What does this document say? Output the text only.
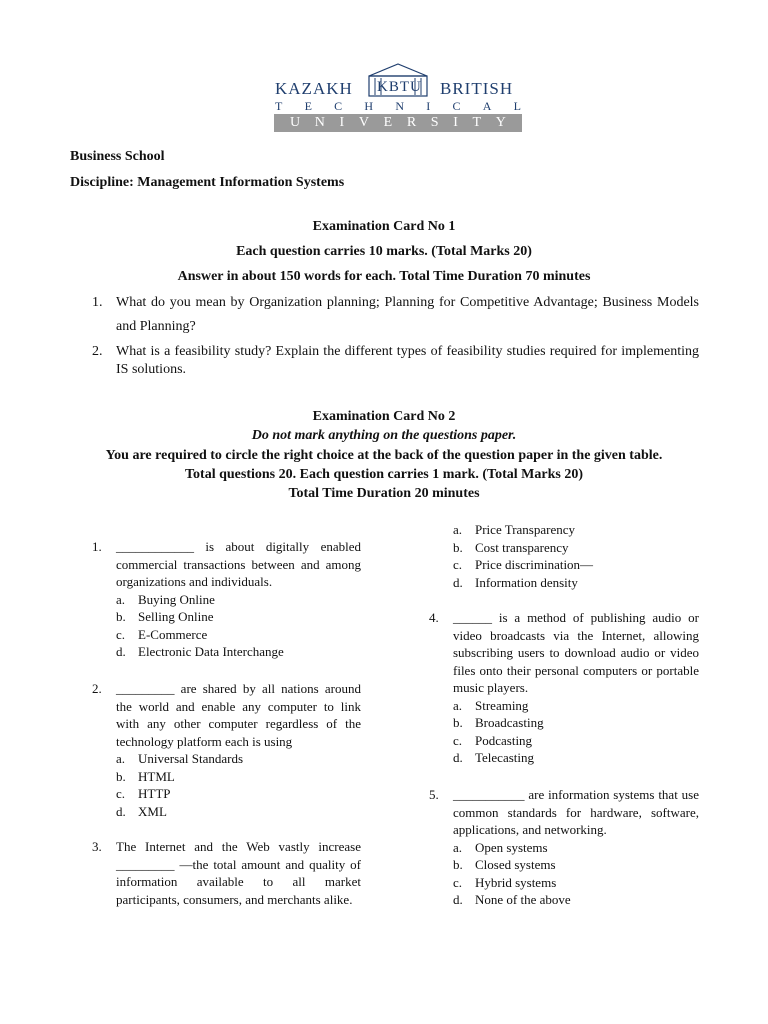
KAZAKH KBTU BRITISH
T E C H N I C A L
U N I V E R S I T Y
Business School
Discipline: Management Information Systems
Examination Card No 1
Each question carries 10 marks. (Total Marks 20)
Answer in about 150 words for each. Total Time Duration 70 minutes
1. What do you mean by Organization planning; Planning for Competitive Advantage; Business Models and Planning?
2. What is a feasibility study? Explain the different types of feasibility studies required for implementing IS solutions.
Examination Card No 2
Do not mark anything on the questions paper.
You are required to circle the right choice at the back of the question paper in the given table.
Total questions 20. Each question carries 1 mark. (Total Marks 20)
Total Time Duration 20 minutes
1.	____________ is about digitally enabled commercial transactions between and among organizations and individuals.
a. Buying Online
b. Selling Online
c. E-Commerce
d. Electronic Data Interchange
2.	_________ are shared by all nations around the world and enable any computer to link with any other computer regardless of the technology platform each is using
a. Universal Standards
b. HTML
c. HTTP
d. XML
3.	The Internet and the Web vastly increase _________ —the total amount and quality of information available to all market participants, consumers, and merchants alike.
a. Price Transparency
b. Cost transparency
c. Price discrimination—
d. Information density
4.	______ is a method of publishing audio or video broadcasts via the Internet, allowing subscribing users to download audio or video files onto their personal computers or portable music players.
a. Streaming
b. Broadcasting
c. Podcasting
d. Telecasting
5.	___________ are information systems that use common standards for hardware, software, applications, and networking.
a. Open systems
b. Closed systems
c. Hybrid systems
d. None of the above
